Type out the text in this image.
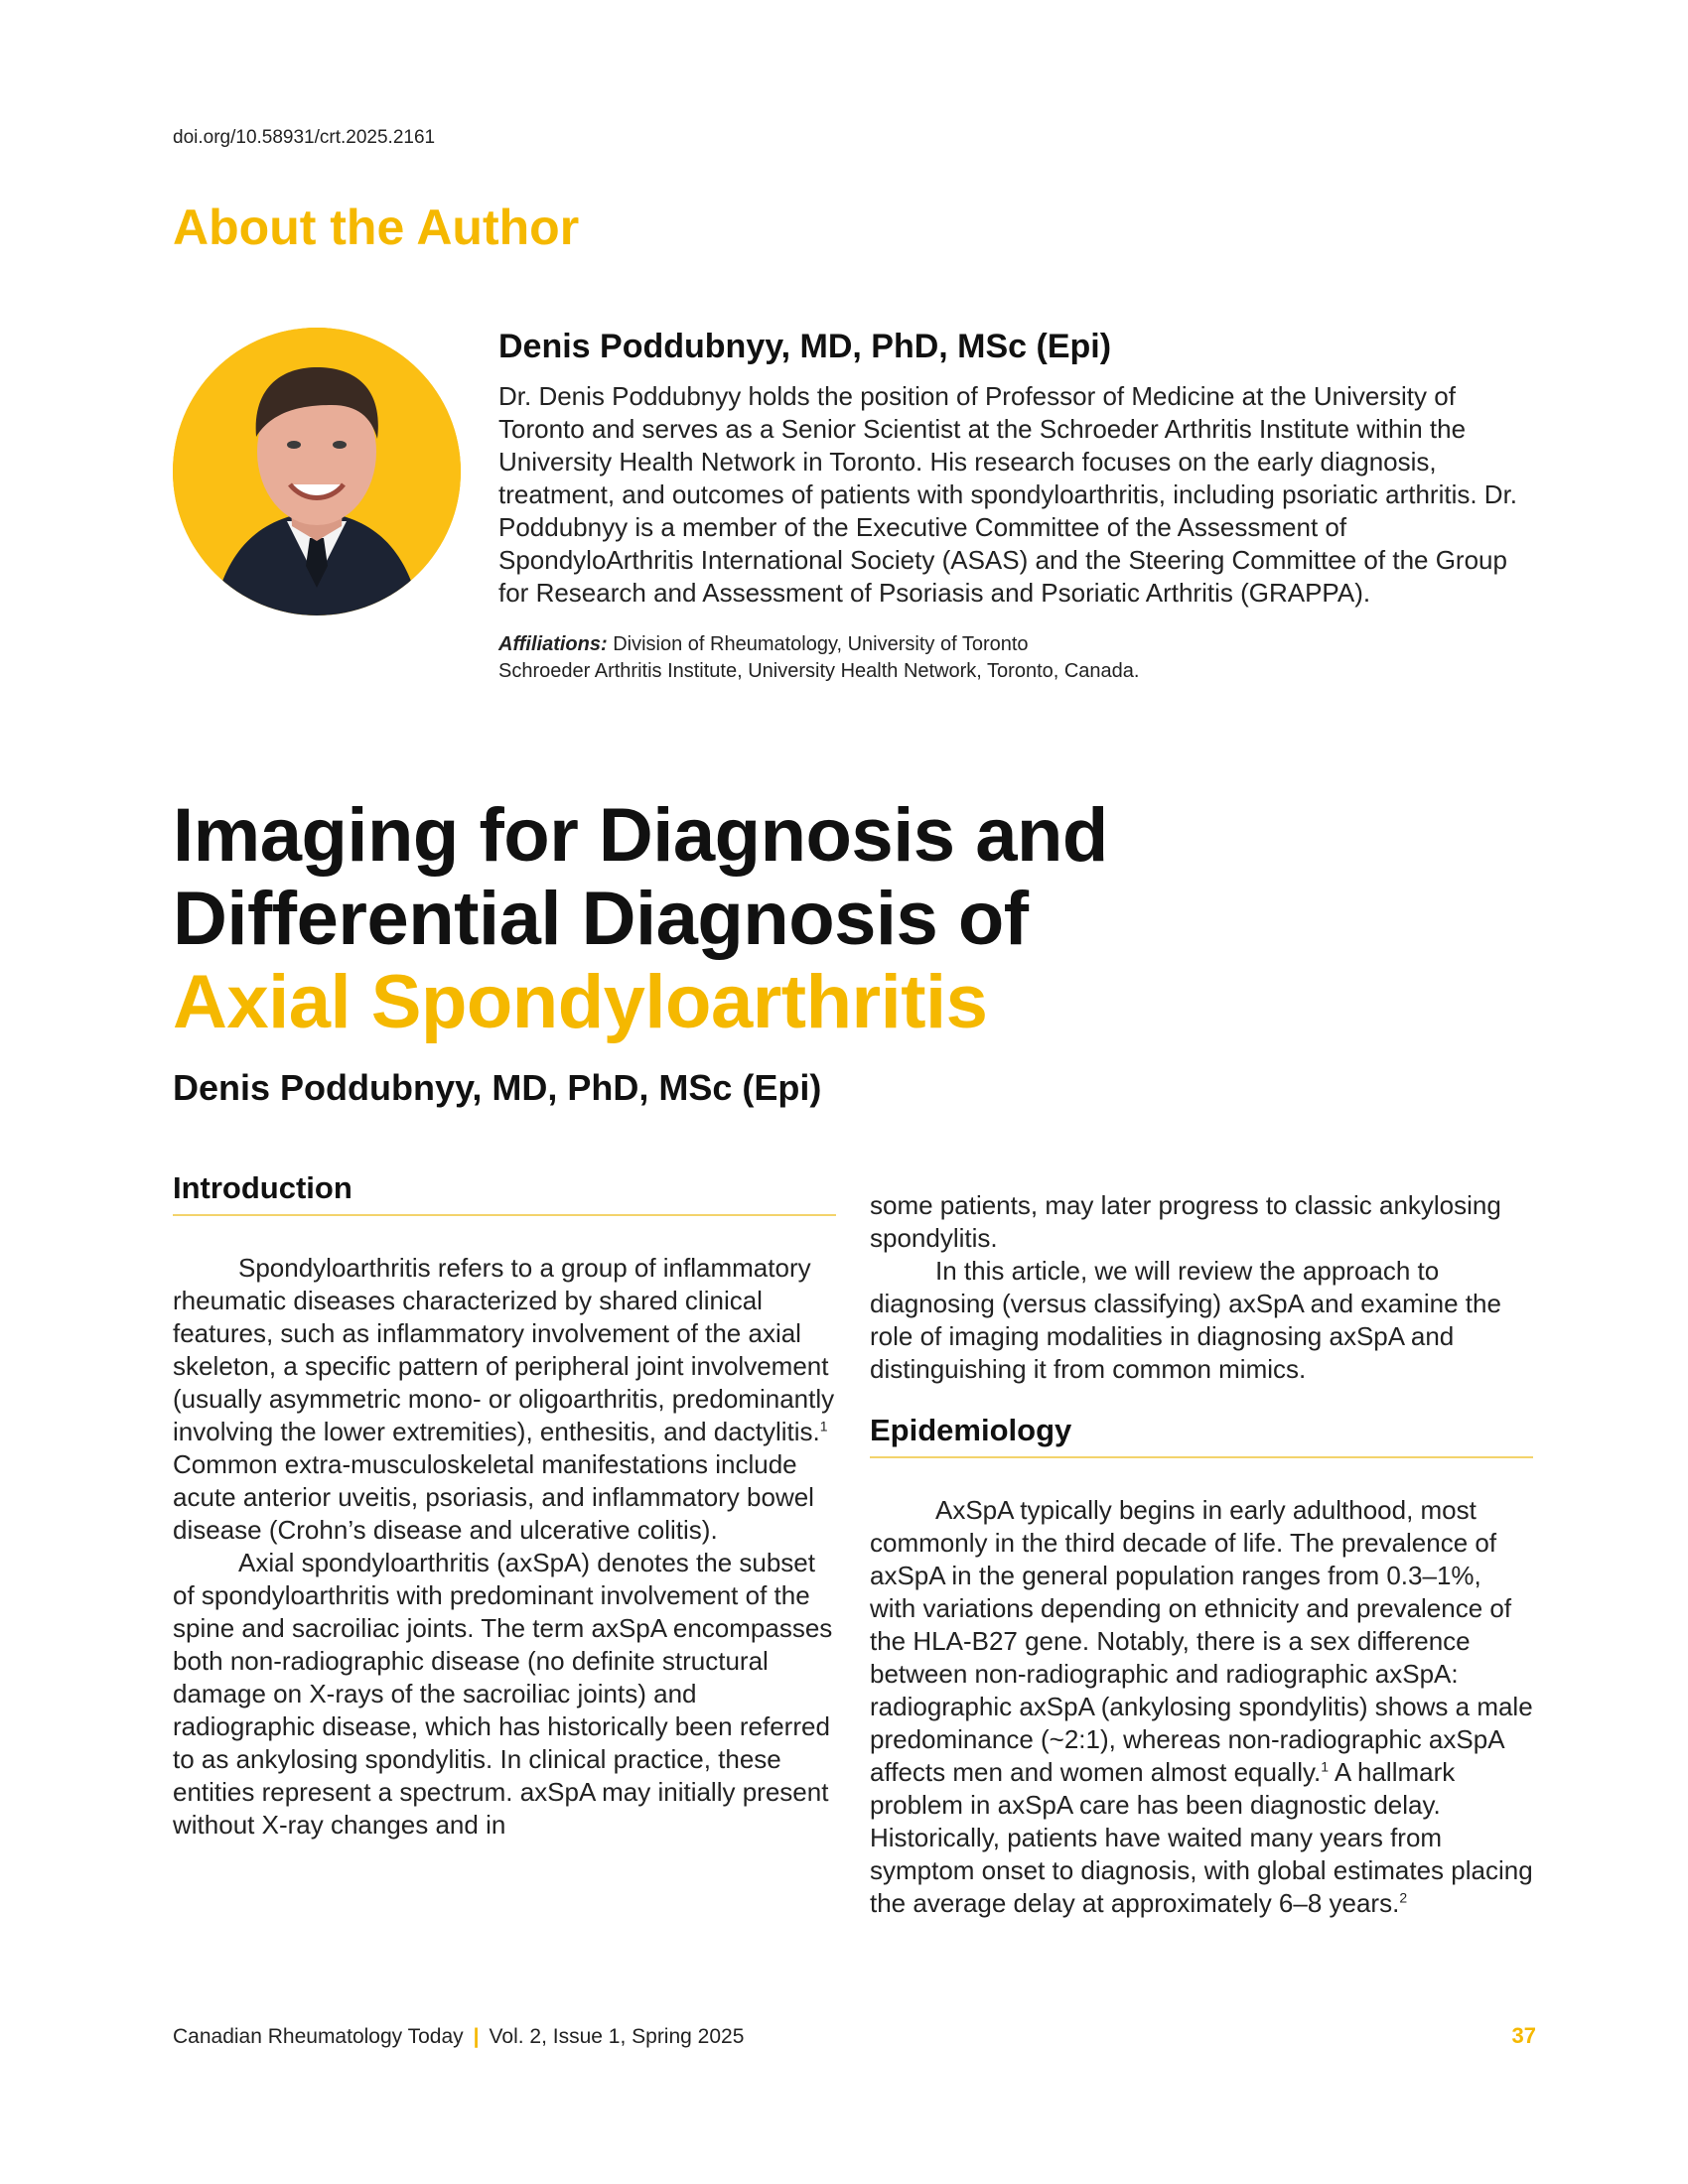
doi.org/10.58931/crt.2025.2161
About the Author
Denis Poddubnyy, MD, PhD, MSc (Epi)

Dr. Denis Poddubnyy holds the position of Professor of Medicine at the University of Toronto and serves as a Senior Scientist at the Schroeder Arthritis Institute within the University Health Network in Toronto. His research focuses on the early diagnosis, treatment, and outcomes of patients with spondyloarthritis, including psoriatic arthritis. Dr. Poddubnyy is a member of the Executive Committee of the Assessment of SpondyloArthritis International Society (ASAS) and the Steering Committee of the Group for Research and Assessment of Psoriasis and Psoriatic Arthritis (GRAPPA).

Affiliations: Division of Rheumatology, University of Toronto
Schroeder Arthritis Institute, University Health Network, Toronto, Canada.
Imaging for Diagnosis and
Differential Diagnosis of
Axial Spondyloarthritis
Denis Poddubnyy, MD, PhD, MSc (Epi)
Introduction

Spondyloarthritis refers to a group of inflammatory rheumatic diseases characterized by shared clinical features, such as inflammatory involvement of the axial skeleton, a specific pattern of peripheral joint involvement (usually asymmetric mono- or oligoarthritis, predominantly involving the lower extremities), enthesitis, and dactylitis.$^1$ Common extra-musculoskeletal manifestations include acute anterior uveitis, psoriasis, and inflammatory bowel disease (Crohn’s disease and ulcerative colitis).

Axial spondyloarthritis (axSpA) denotes the subset of spondyloarthritis with predominant involvement of the spine and sacroiliac joints. The term axSpA encompasses both non-radiographic disease (no definite structural damage on X-rays of the sacroiliac joints) and radiographic disease, which has historically been referred to as ankylosing spondylitis. In clinical practice, these entities represent a spectrum. axSpA may initially present without X-ray changes and in

some patients, may later progress to classic ankylosing spondylitis.

In this article, we will review the approach to diagnosing (versus classifying) axSpA and examine the role of imaging modalities in diagnosing axSpA and distinguishing it from common mimics.

Epidemiology

AxSpA typically begins in early adulthood, most commonly in the third decade of life. The prevalence of axSpA in the general population ranges from 0.3–1%, with variations depending on ethnicity and prevalence of the HLA-B27 gene. Notably, there is a sex difference between non-radiographic and radiographic axSpA: radiographic axSpA (ankylosing spondylitis) shows a male predominance (~2:1), whereas non-radiographic axSpA affects men and women almost equally.$^1$ A hallmark problem in axSpA care has been diagnostic delay. Historically, patients have waited many years from symptom onset to diagnosis, with global estimates placing the average delay at approximately 6–8 years.$^2$

Canadian Rheumatology Today | Vol. 2, Issue 1, Spring 2025	37
